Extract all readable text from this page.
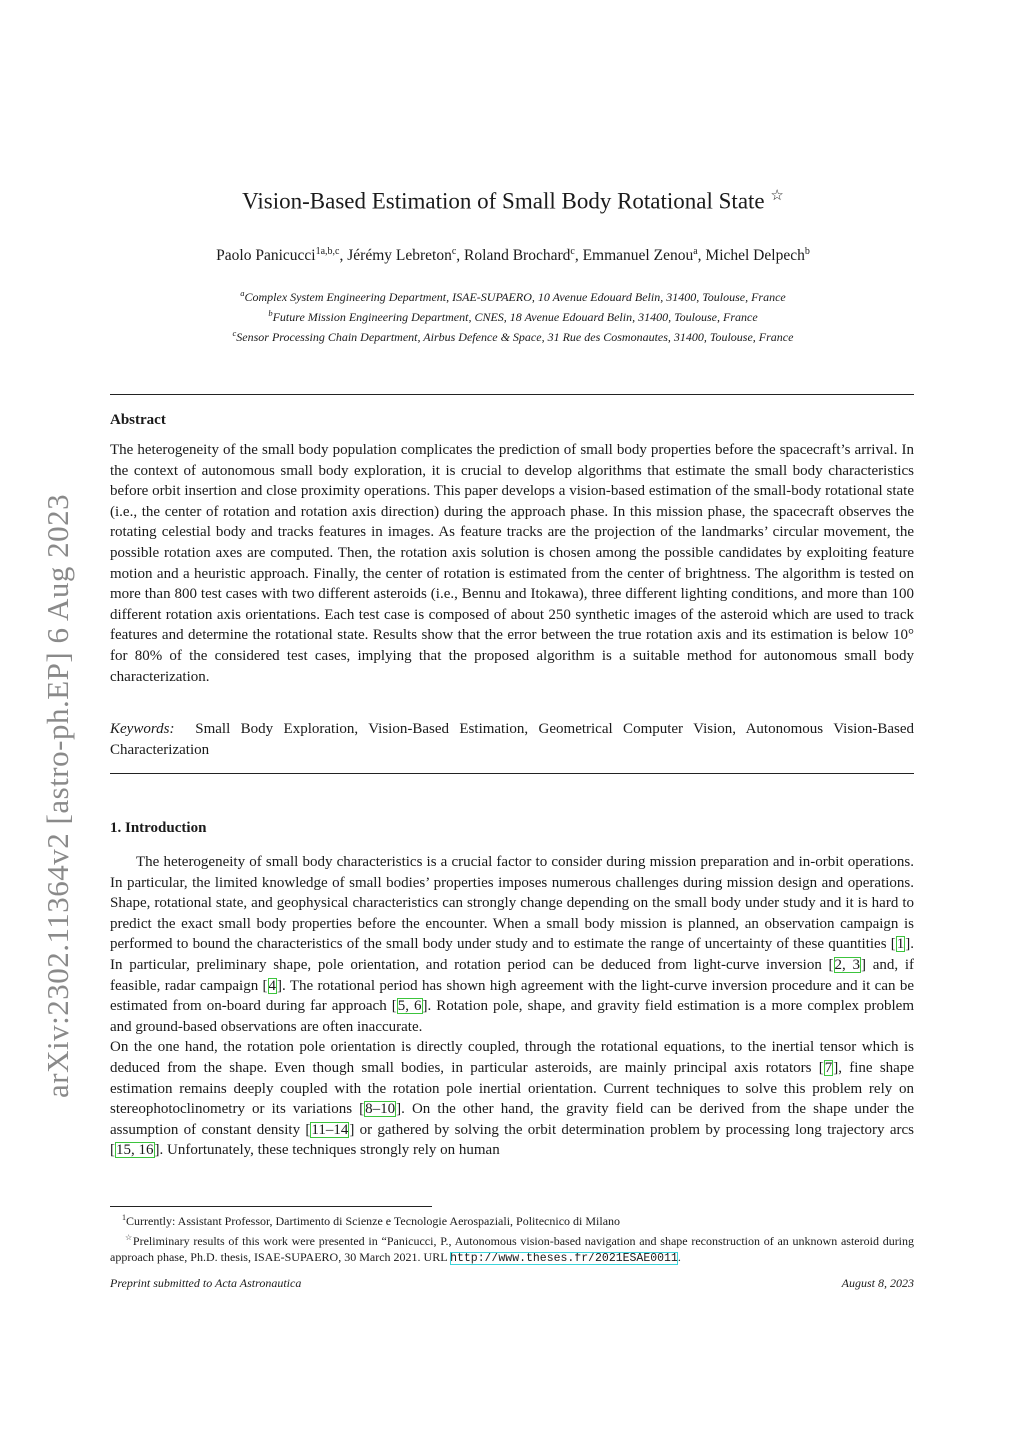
arXiv:2302.11364v2 [astro-ph.EP] 6 Aug 2023
Vision-Based Estimation of Small Body Rotational State ☆
Paolo Panicucci$^{1a,b,c}$, Jérémy Lebreton$^c$, Roland Brochard$^c$, Emmanuel Zenou$^a$, Michel Delpech$^b$
$^a$Complex System Engineering Department, ISAE-SUPAERO, 10 Avenue Edouard Belin, 31400, Toulouse, France
$^b$Future Mission Engineering Department, CNES, 18 Avenue Edouard Belin, 31400, Toulouse, France
$^c$Sensor Processing Chain Department, Airbus Defence & Space, 31 Rue des Cosmonautes, 31400, Toulouse, France
Abstract
The heterogeneity of the small body population complicates the prediction of small body properties before the spacecraft’s arrival. In the context of autonomous small body exploration, it is crucial to develop algorithms that estimate the small body characteristics before orbit insertion and close proximity operations. This paper develops a vision-based estimation of the small-body rotational state (i.e., the center of rotation and rotation axis direction) during the approach phase. In this mission phase, the spacecraft observes the rotating celestial body and tracks features in images. As feature tracks are the projection of the landmarks’ circular movement, the possible rotation axes are computed. Then, the rotation axis solution is chosen among the possible candidates by exploiting feature motion and a heuristic approach. Finally, the center of rotation is estimated from the center of brightness. The algorithm is tested on more than 800 test cases with two different asteroids (i.e., Bennu and Itokawa), three different lighting conditions, and more than 100 different rotation axis orientations. Each test case is composed of about 250 synthetic images of the asteroid which are used to track features and determine the rotational state. Results show that the error between the true rotation axis and its estimation is below 10° for 80% of the considered test cases, implying that the proposed algorithm is a suitable method for autonomous small body characterization.
Keywords: Small Body Exploration, Vision-Based Estimation, Geometrical Computer Vision, Autonomous Vision-Based Characterization
1. Introduction

The heterogeneity of small body characteristics is a crucial factor to consider during mission preparation and in-orbit operations. In particular, the limited knowledge of small bodies’ properties imposes numerous challenges during mission design and operations. Shape, rotational state, and geophysical characteristics can strongly change depending on the small body under study and it is hard to predict the exact small body properties before the encounter. When a small body mission is planned, an observation campaign is performed to bound the characteristics of the small body under study and to estimate the range of uncertainty of these quantities [1]. In particular, preliminary shape, pole orientation, and rotation period can be deduced from light-curve inversion [2, 3] and, if feasible, radar campaign [4]. The rotational period has shown high agreement with the light-curve inversion procedure and it can be estimated from on-board during far approach [5, 6]. Rotation pole, shape, and gravity field estimation is a more complex problem and ground-based observations are often inaccurate.

On the one hand, the rotation pole orientation is directly coupled, through the rotational equations, to the inertial tensor which is deduced from the shape. Even though small bodies, in particular asteroids, are mainly principal axis rotators [7], fine shape estimation remains deeply coupled with the rotation pole inertial orientation. Current techniques to solve this problem rely on stereophotoclinometry or its variations [8–10]. On the other hand, the gravity field can be derived from the shape under the assumption of constant density [11–14] or gathered by solving the orbit determination problem by processing long trajectory arcs [15, 16]. Unfortunately, these techniques strongly rely on human

$^1$Currently: Assistant Professor, Dartimento di Scienze e Tecnologie Aerospaziali, Politecnico di Milano

☆Preliminary results of this work were presented in “Panicucci, P., Autonomous vision-based navigation and shape reconstruction of an unknown asteroid during approach phase, Ph.D. thesis, ISAE-SUPAERO, 30 March 2021. URL http://www.theses.fr/2021ESAE0011.

Preprint submitted to Acta Astronautica	August 8, 2023
